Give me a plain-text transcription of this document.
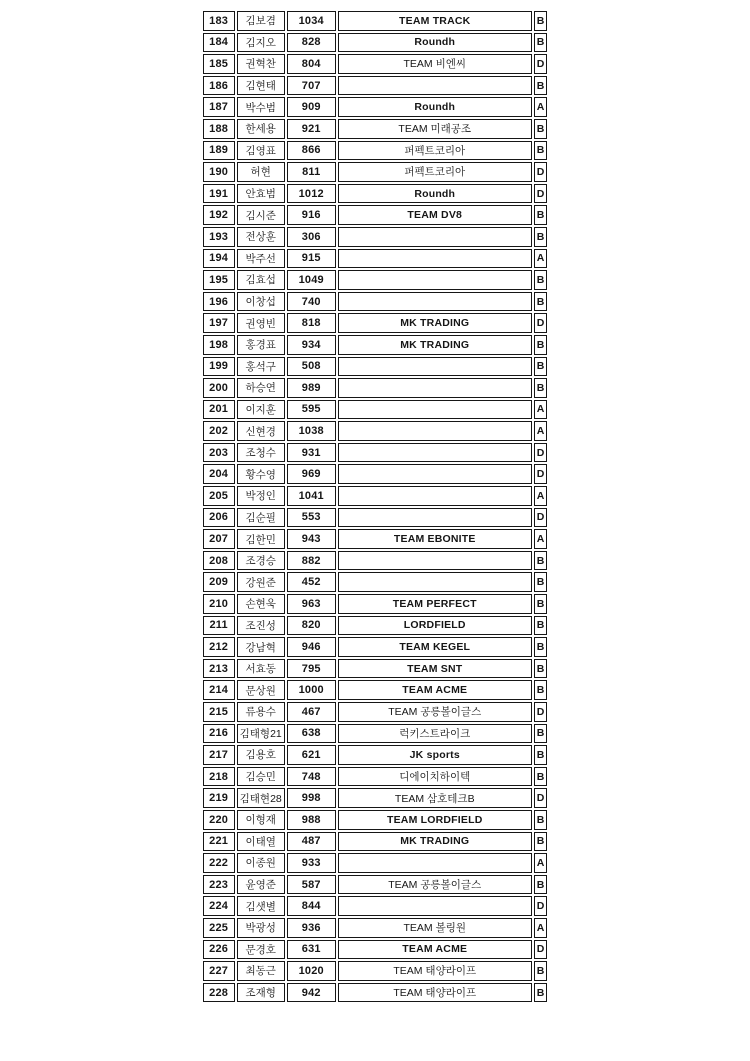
183	김보겸	1034	TEAM TRACK	B
184	김지오	828	Roundh	B
185	권혁찬	804	TEAM 비엔씨	D
186	김현태	707		B
187	박수범	909	Roundh	A
188	한세용	921	TEAM 미래공조	B
189	김영표	866	퍼펙트코리아	B
190	허현	811	퍼펙트코리아	D
191	안효범	1012	Roundh	D
192	김시준	916	TEAM DV8	B
193	전상훈	306		B
194	박주선	915		A
195	김효섭	1049		B
196	이창섭	740		B
197	권영빈	818	MK TRADING	D
198	홍경표	934	MK TRADING	B
199	홍석구	508		B
200	하승연	989		B
201	이지훈	595		A
202	신현경	1038		A
203	조청수	931		D
204	황수영	969		D
205	박정인	1041		A
206	김순필	553		D
207	김한민	943	TEAM EBONITE	A
208	조경승	882		B
209	강원준	452		B
210	손현욱	963	TEAM PERFECT	B
211	조진성	820	LORDFIELD	B
212	강남혁	946	TEAM KEGEL	B
213	서효동	795	TEAM SNT	B
214	문상원	1000	TEAM ACME	B
215	류용수	467	TEAM 공릉볼이글스	D
216	김태형21	638	럭키스트라이크	B
217	김용호	621	JK sports	B
218	김승민	748	디에이치하이텍	B
219	김태현28	998	TEAM 삼호테크B	D
220	이형재	988	TEAM LORDFIELD	B
221	이태열	487	MK TRADING	B
222	이종원	933		A
223	윤영준	587	TEAM 공릉볼이글스	B
224	김샛별	844		D
225	박광성	936	TEAM 볼링원	A
226	문경호	631	TEAM ACME	D
227	최동근	1020	TEAM 태양라이프	B
228	조재형	942	TEAM 태양라이프	B
